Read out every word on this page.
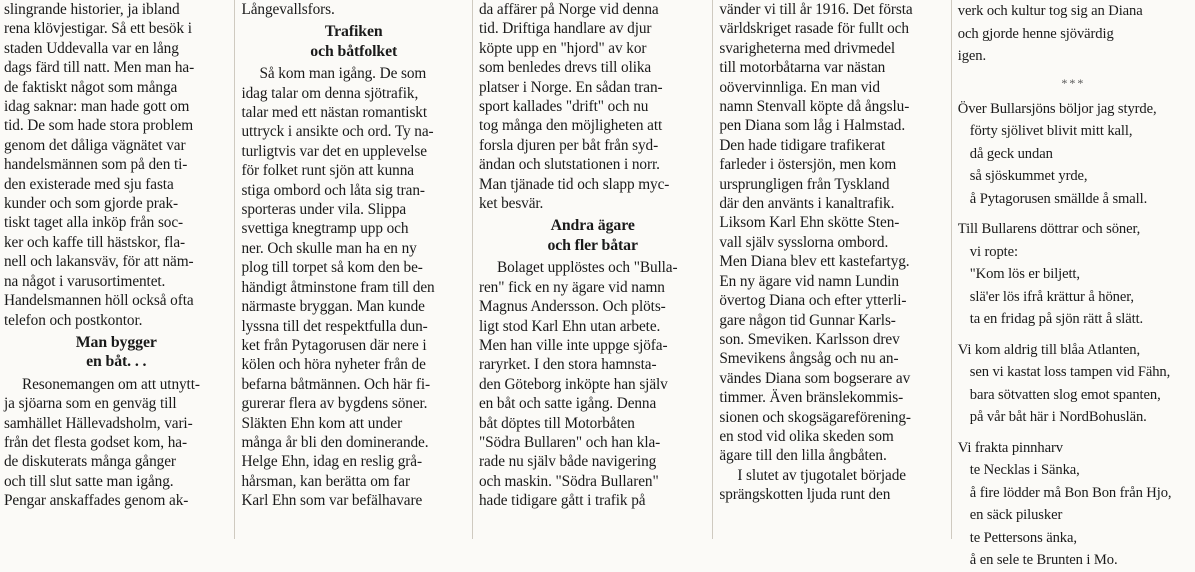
slingrande historier, ja ibland
rena klövjestigar. Så ett besök i
staden Uddevalla var en lång
dags färd till natt. Men man ha-
de faktiskt något som många
idag saknar: man hade gott om
tid. De som hade stora problem
genom det dåliga vägnätet var
handelsmännen som på den ti-
den existerade med sju fasta
kunder och som gjorde prak-
tiskt taget alla inköp från soc-
ker och kaffe till hästskor, fla-
nell och lakansväv, för att näm-
na något i varusortimentet.
Handelsmannen höll också ofta
telefon och postkontor.
Man bygger
en båt. . .
Resonemangen om att utnytt-
ja sjöarna som en genväg till
samhället Hällevadsholm, vari-
från det flesta godset kom, ha-
de diskuterats många gånger
och till slut satte man igång.
Pengar anskaffades genom ak-
Långevallsfors.
Trafiken
och båtfolket
Så kom man igång. De som
idag talar om denna sjötrafik,
talar med ett nästan romantiskt
uttryck i ansikte och ord. Ty na-
turligtvis var det en upplevelse
för folket runt sjön att kunna
stiga ombord och låta sig tran-
sporteras under vila. Slippa
svettiga knegtramp upp och
ner. Och skulle man ha en ny
plog till torpet så kom den be-
händigt åtminstone fram till den
närmaste bryggan. Man kunde
lyssna till det respektfulla dun-
ket från Pytagorusen där nere i
kölen och höra nyheter från de
befarna båtmännen. Och här fi-
gurerar flera av bygdens söner.
Släkten Ehn kom att under
många år bli den dominerande.
Helge Ehn, idag en reslig grå-
hårsman, kan berätta om far
Karl Ehn som var befälhavare
da affärer på Norge vid denna
tid. Driftiga handlare av djur
köpte upp en "hjord" av kor
som benledes drevs till olika
platser i Norge. En sådan tran-
sport kallades "drift" och nu
tog många den möjligheten att
forsla djuren per båt från syd-
ändan och slutstationen i norr.
Man tjänade tid och slapp myc-
ket besvär.
Andra ägare
och fler båtar
Bolaget upplöstes och "Bulla-
ren" fick en ny ägare vid namn
Magnus Andersson. Och plöts-
ligt stod Karl Ehn utan arbete.
Men han ville inte uppge sjöfa-
raryrket. I den stora hamnsta-
den Göteborg inköpte han själv
en båt och satte igång. Denna
båt döptes till Motorbåten
"Södra Bullaren" och han kla-
rade nu själv både navigering
och maskin. "Södra Bullaren"
hade tidigare gått i trafik på
vänder vi till år 1916. Det första
världskriget rasade för fullt och
svarigheterna med drivmedel
till motorbåtarna var nästan
oövervinnliga. En man vid
namn Stenvall köpte då ångslu-
pen Diana som låg i Halmstad.
Den hade tidigare trafikerat
farleder i östersjön, men kom
ursprungligen från Tyskland
där den använts i kanaltrafik.
Liksom Karl Ehn skötte Sten-
vall själv sysslorna ombord.
Men Diana blev ett kastefartyg.
En ny ägare vid namn Lundin
övertog Diana och efter ytterli-
gare någon tid Gunnar Karls-
son. Smeviken. Karlsson drev
Smevikens ångsåg och nu an-
vändes Diana som bogserare av
timmer. Även bränslekommis-
sionen och skogsägareförening-
en stod vid olika skeden som
ägare till den lilla ångbåten.
I slutet av tjugotalet började
sprängskotten ljuda runt den
verk och kultur tog sig an Diana
och gjorde henne sjövärdig
igen.
***
Över Bullarsjöns böljor jag styrde,
förty sjölivet blivit mitt kall,
då geck undan
så sjöskummet yrde,
å Pytagorusen smällde å small.
Till Bullarens döttrar och söner,
vi ropte:
"Kom lös er biljett,
slä'er lös ifrå krättur å höner,
ta en fridag på sjön rätt å slätt.
Vi kom aldrig till blåa Atlanten,
sen vi kastat loss tampen vid Fähn,
bara sötvatten slog emot spanten,
på vår båt här i NordBohuslän.
Vi frakta pinnharv
te Necklas i Sänka,
å fire lödder må Bon Bon från Hjo,
en säck pilusker
te Pettersons änka,
å en sele te Brunten i Mo.
